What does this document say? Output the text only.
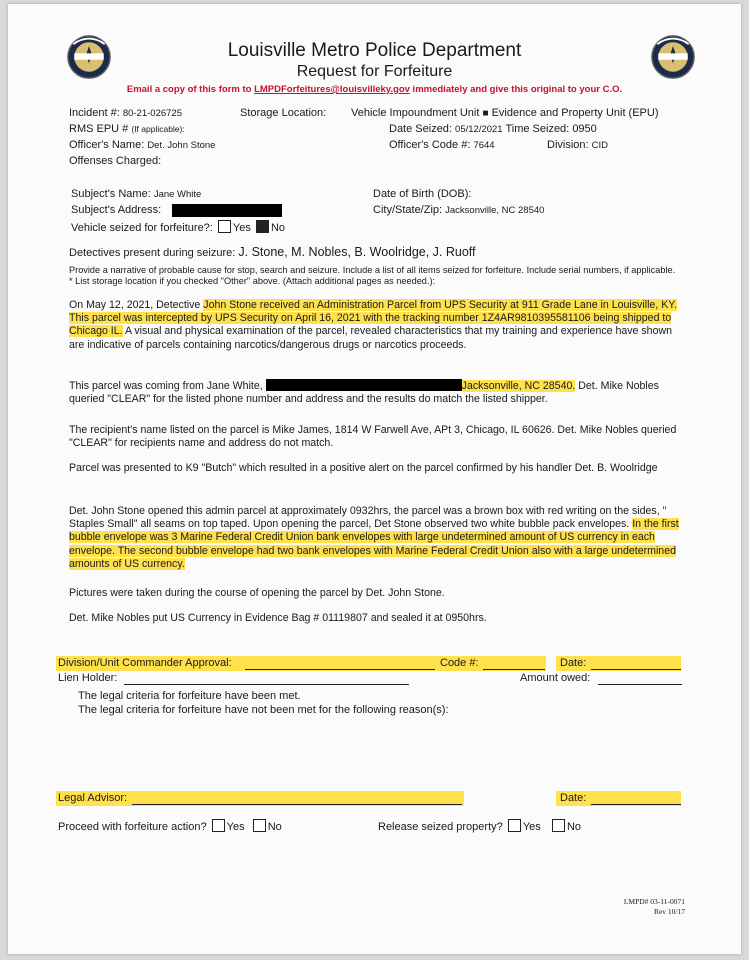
Louisville Metro Police Department
Request for Forfeiture
Email a copy of this form to LMPDForfeitures@louisvilleky.gov immediately and give this original to your C.O.
Incident #: 80-21-026725	Storage Location: Vehicle Impoundment Unit ■ Evidence and Property Unit (EPU)
RMS EPU # (If applicable):	Date Seized: 05/12/2021 Time Seized: 0950
Officer's Name: Det. John Stone	Officer's Code #: 7644	Division: CID
Offenses Charged:
Subject's Name: Jane White	Date of Birth (DOB):
Subject's Address:	City/State/Zip: Jacksonville, NC 28540
Vehicle seized for forfeiture?: Yes No
Detectives present during seizure: J. Stone, M. Nobles, B. Woolridge, J. Ruoff
Provide a narrative of probable cause for stop, search and seizure. Include a list of all items seized for forfeiture. Include serial numbers, if applicable. * List storage location if you checked "Other" above. (Attach additional pages as needed.):
On May 12, 2021, Detective John Stone received an Administration Parcel from UPS Security at 911 Grade Lane in Louisville, KY. This parcel was intercepted by UPS Security on April 16, 2021 with the tracking number 1Z4AR9810395581106 being shipped to Chicago IL. A visual and physical examination of the parcel, revealed characteristics that my training and experience have shown are indicative of parcels containing narcotics/dangerous drugs or narcotics proceeds.
This parcel was coming from Jane White,	Jacksonville, NC 28540. Det. Mike Nobles queried "CLEAR" for the listed phone number and address and the results do match the listed shipper.
The recipient's name listed on the parcel is Mike James, 1814 W Farwell Ave, APt 3, Chicago, IL 60626. Det. Mike Nobles queried "CLEAR" for recipients name and address do not match.
Parcel was presented to K9 "Butch" which resulted in a positive alert on the parcel confirmed by his handler Det. B. Woolridge
Det. John Stone opened this admin parcel at approximately 0932hrs, the parcel was a brown box with red writing on the sides, " Staples Small" all seams on top taped. Upon opening the parcel, Det Stone observed two white bubble pack envelopes. In the first bubble envelope was 3 Marine Federal Credit Union bank envelopes with large undetermined amount of US currency in each envelope. The second bubble envelope had two bank envelopes with Marine Federal Credit Union also with a large undetermined amounts of US currency.
Pictures were taken during the course of opening the parcel by Det. John Stone.
Det. Mike Nobles put US Currency in Evidence Bag # 01119807 and sealed it at 0950hrs.
Division/Unit Commander Approval:	Code #:	Date:
Lien Holder:	Amount owed:
The legal criteria for forfeiture have been met.
The legal criteria for forfeiture have not been met for the following reason(s):
Legal Advisor:	Date:
Proceed with forfeiture action? Yes No	Release seized property? Yes No
LMPD# 03-11-0071
Rev 10/17
